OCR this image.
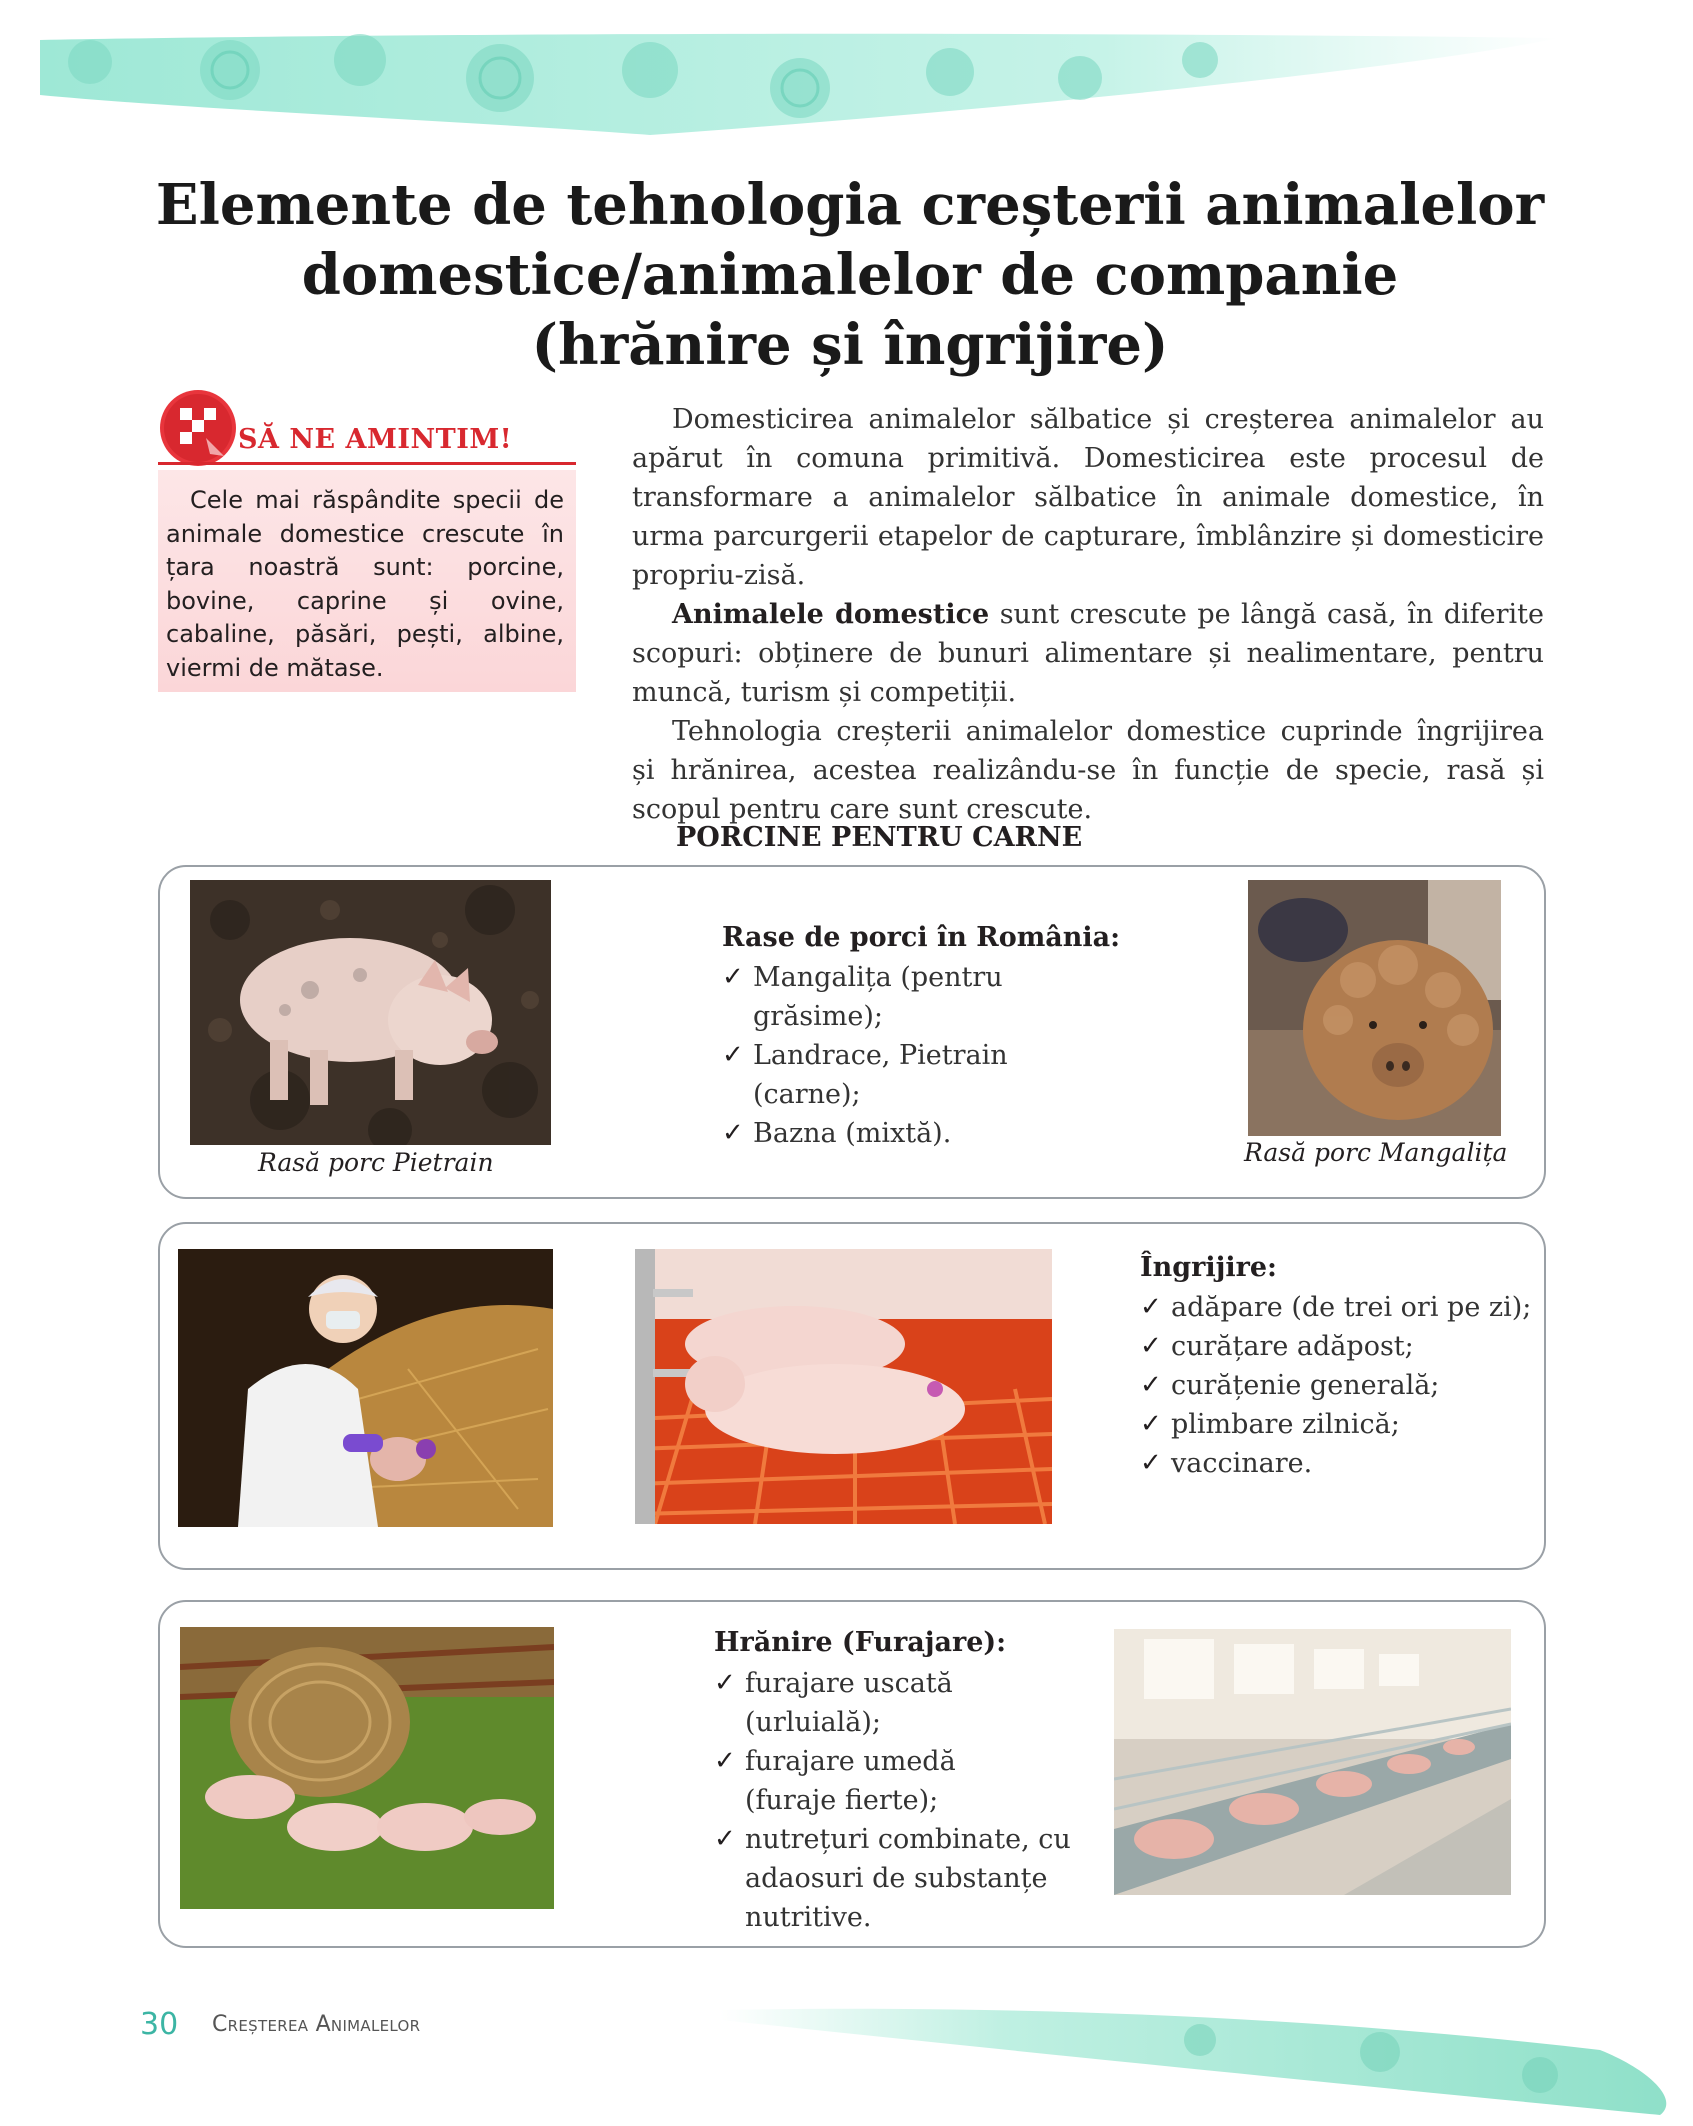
Elemente de tehnologia creșterii animalelor
domestice/animalelor de companie
(hrănire și îngrijire)
SĂ NE AMINTIM!
Cele mai răspândite specii de animale domestice crescute în țara noastră sunt: porcine, bovine, caprine și ovine, cabaline, păsări, pești, albine, viermi de mătase.

Domesticirea animalelor sălbatice și creșterea animalelor au apărut în comuna primitivă. Domesticirea este procesul de transformare a animalelor sălbatice în animale domestice, în urma parcurgerii etapelor de capturare, îmblânzire și domesticire propriu-zisă.

Animalele domestice sunt crescute pe lângă casă, în diferite scopuri: obținere de bunuri alimentare și nealimentare, pentru muncă, turism și competiții.

Tehnologia creșterii animalelor domestice cuprinde îngrijirea și hrănirea, acestea realizându-se în funcție de specie, rasă și scopul pentru care sunt crescute.

PORCINE PENTRU CARNE
Rasă porc Pietrain
Rase de porci în România:
✓ Mangalița (pentru grăsime);
✓ Landrace, Pietrain (carne);
✓ Bazna (mixtă).
Rasă porc Mangalița
Îngrijire:
✓ adăpare (de trei ori pe zi);
✓ curățare adăpost;
✓ curățenie generală;
✓ plimbare zilnică;
✓ vaccinare.
Hrănire (Furajare):
✓ furajare uscată (urluială);
✓ furajare umedă (furaje fierte);
✓ nutrețuri combinate, cu adaosuri de substanțe nutritive.
30 Creșterea Animalelor
